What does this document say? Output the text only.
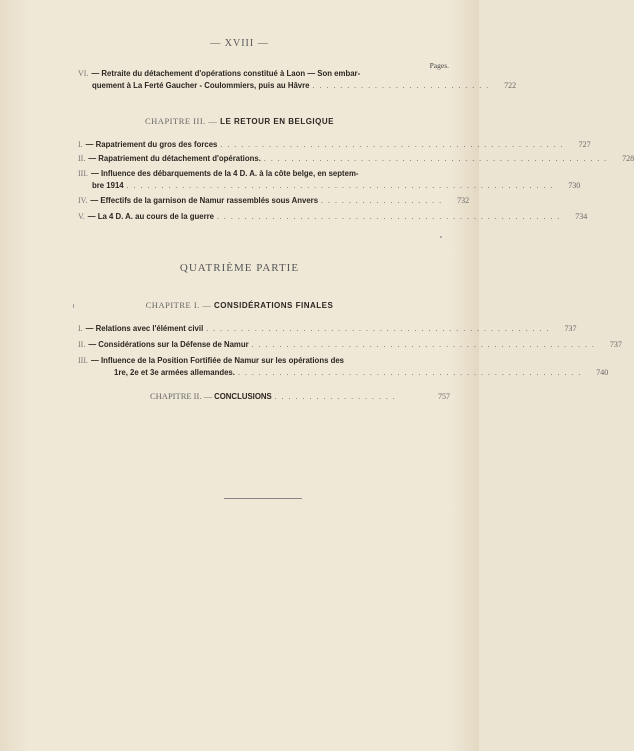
— XVIII —
Pages.
VI. — Retraite du détachement d'opérations constitué à Laon — Son embar-
quement à La Ferté Gaucher - Coulommiers, puis au Hâvre ..........................	722
CHAPITRE III. —
LE RETOUR EN BELGIQUE
I. — Rapatriement du gros des forces ..................................................	727
II. — Rapatriement du détachement d'opérations. ..................................................	728
III. — Influence des débarquements de la 4 D. A. à la côte belge, en septem-
bre 1914 ..............................................................	730
IV. — Effectifs de la garnison de Namur rassemblés sous Anvers ..................	732
V. — La 4 D. A. au cours de la guerre ..................................................	734
QUATRIÈME PARTIE
CHAPITRE I. —
CONSIDÉRATIONS FINALES
I. — Relations avec l'élément civil ..................................................	737
II. — Considérations sur la Défense de Namur ..................................................	737
III. — Influence de la Position Fortifiée de Namur sur les opérations des
1re, 2e et 3e armées allemandes. ..................................................	740
CHAPITRE II. —
CONCLUSIONS ..................	757
